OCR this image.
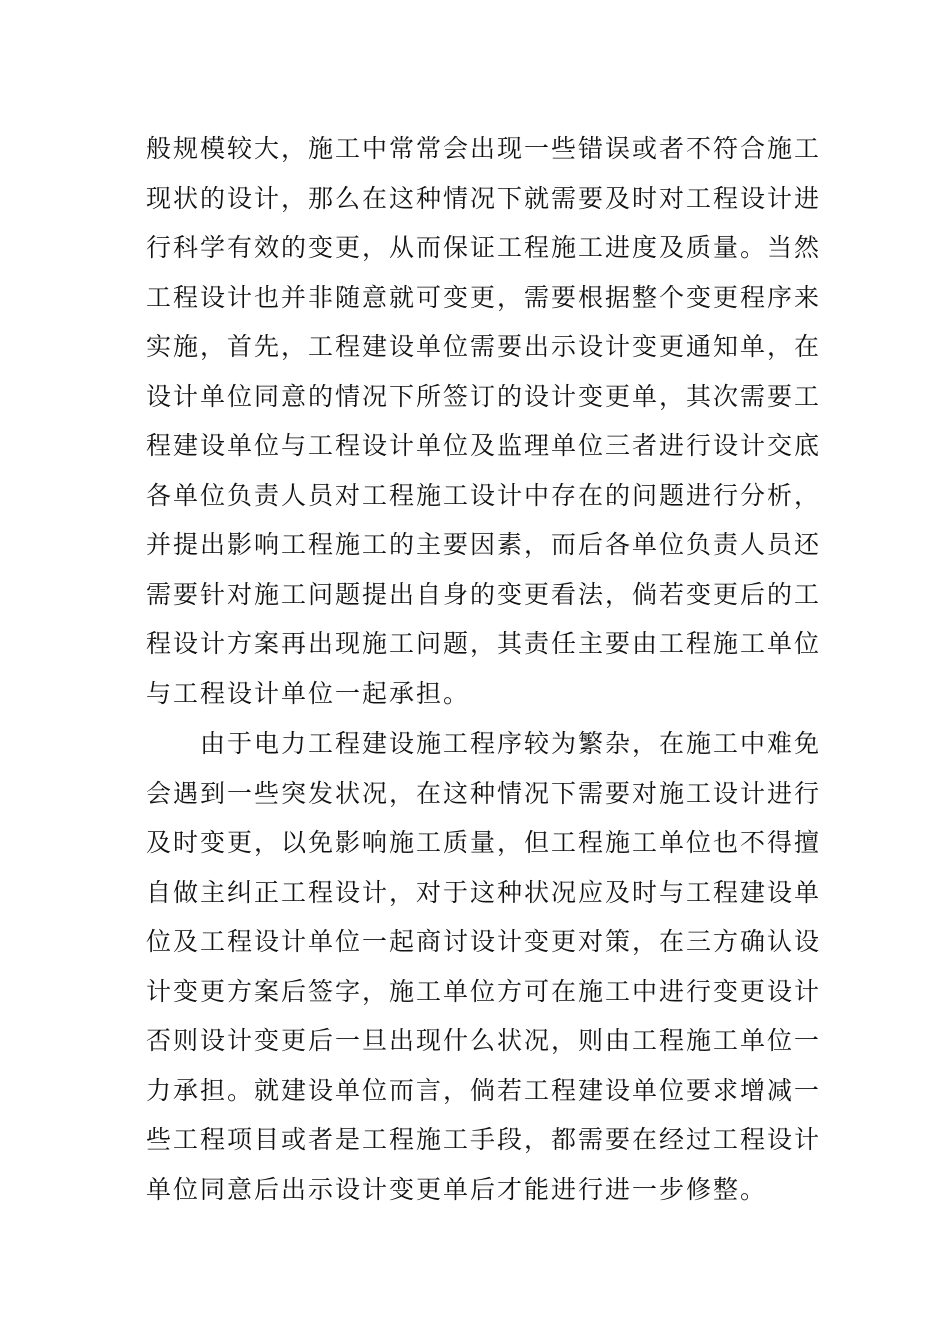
般规模较大，施工中常常会出现一些错误或者不符合施工
现状的设计，那么在这种情况下就需要及时对工程设计进
行科学有效的变更，从而保证工程施工进度及质量。当然
工程设计也并非随意就可变更，需要根据整个变更程序来
实施，首先，工程建设单位需要出示设计变更通知单，在
设计单位同意的情况下所签订的设计变更单，其次需要工
程建设单位与工程设计单位及监理单位三者进行设计交底
各单位负责人员对工程施工设计中存在的问题进行分析，
并提出影响工程施工的主要因素，而后各单位负责人员还
需要针对施工问题提出自身的变更看法，倘若变更后的工
程设计方案再出现施工问题，其责任主要由工程施工单位
与工程设计单位一起承担。
　　由于电力工程建设施工程序较为繁杂，在施工中难免
会遇到一些突发状况，在这种情况下需要对施工设计进行
及时变更，以免影响施工质量，但工程施工单位也不得擅
自做主纠正工程设计，对于这种状况应及时与工程建设单
位及工程设计单位一起商讨设计变更对策，在三方确认设
计变更方案后签字，施工单位方可在施工中进行变更设计
否则设计变更后一旦出现什么状况，则由工程施工单位一
力承担。就建设单位而言，倘若工程建设单位要求增减一
些工程项目或者是工程施工手段，都需要在经过工程设计
单位同意后出示设计变更单后才能进行进一步修整。
